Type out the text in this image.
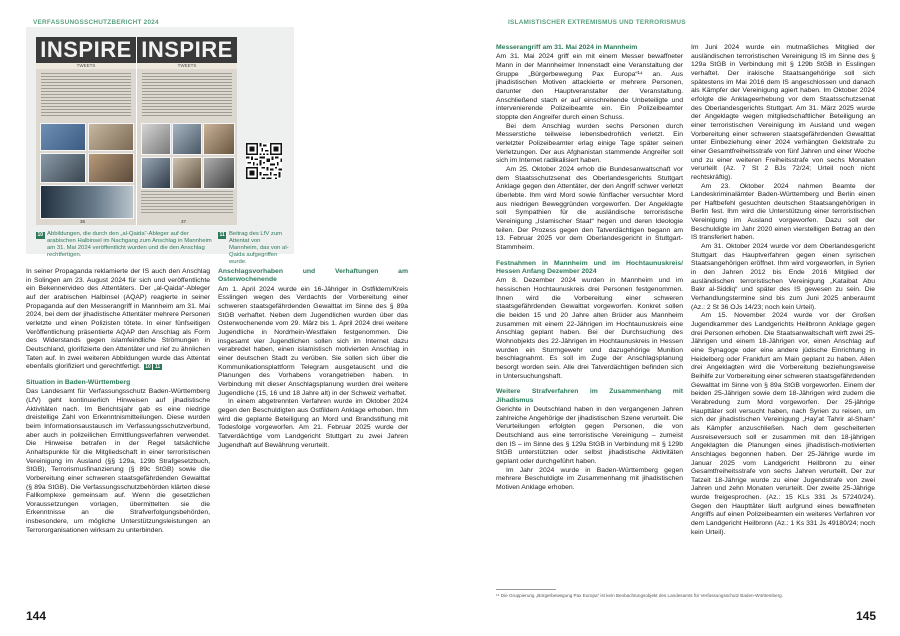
VERFASSUNGSSCHUTZBERICHT 2024
INSPIRE
TWEETS
36
INSPIRE
TWEETS
37
10 Abbildungen, die durch den „al-Qaida“-Ableger auf der arabischen Halbinsel im Nachgang zum Anschlag in Mannheim am 31. Mai 2024 veröffentlicht wurden und die den Anschlag rechtfertigen.
11 Beitrag des LfV zum Attentat von Mannheim, das von al-Qaida aufgegriffen wurde.

In seiner Propaganda reklamierte der IS auch den Anschlag in Solingen am 23. August 2024 für sich und veröffentlichte ein Bekennervideo des Attentäters. Der „al-Qaida“-Ableger auf der arabischen Halbinsel (AQAP) reagierte in seiner Propaganda auf den Messerangriff in Mannheim am 31. Mai 2024, bei dem der jihadistische Attentäter mehrere Personen verletzte und einen Polizisten tötete. In einer fünfseitigen Veröffentlichung präsentierte AQAP den Anschlag als Form des Widerstands gegen islamfeindliche Strömungen in Deutschland, glorifizierte den Attentäter und rief zu ähnlichen Taten auf. In zwei weiteren Abbildungen wurde das Attentat ebenfalls glorifiziert und gerechtfertigt. 10 11

Situation in Baden-Württemberg

Das Landesamt für Verfassungsschutz Baden-Württemberg (LfV) geht kontinuierlich Hinweisen auf jihadistische Aktivitäten nach. Im Berichtsjahr gab es eine niedrige dreistellige Zahl von Erkenntnismitteilungen. Diese wurden beim Informationsaustausch im Verfassungsschutzverbund, aber auch in polizeilichen Ermittlungsverfahren verwendet. Die Hinweise betrafen in der Regel tatsächliche Anhaltspunkte für die Mitgliedschaft in einer terroristischen Vereinigung im Ausland (§§ 129a, 129b Strafgesetzbuch, StGB), Terrorismusfinanzierung (§ 89c StGB) sowie die Vorbereitung einer schweren staatsgefährdenden Gewalttat (§ 89a StGB). Die Verfassungsschutzbehörden klärten diese Fallkomplexe gemeinsam auf. Wenn die gesetzlichen Voraussetzungen vorlagen, übermittelten sie die Erkenntnisse an die Strafverfolgungsbehörden, insbesondere, um mögliche Unterstützungsleistungen an Terrororganisationen wirksam zu unterbinden.

Anschlagsvorhaben und Verhaftungen am Osterwochenende

Am 1. April 2024 wurde ein 16-Jähriger in Ostfildern/Kreis Esslingen wegen des Verdachts der Vorbereitung einer schweren staatsgefährdenden Gewalttat im Sinne des § 89a StGB verhaftet. Neben dem Jugendlichen wurden über das Osterwochenende vom 29. März bis 1. April 2024 drei weitere Jugendliche in Nordrhein-Westfalen festgenommen. Die insgesamt vier Jugendlichen sollen sich im Internet dazu verabredet haben, einen islamistisch motivierten Anschlag in einer deutschen Stadt zu verüben. Sie sollen sich über die Kommunikationsplattform Telegram ausgetauscht und die Planungen des Vorhabens vorangetrieben haben. In Verbindung mit dieser Anschlagsplanung wurden drei weitere Jugendliche (15, 16 und 18 Jahre alt) in der Schweiz verhaftet.

In einem abgetrennten Verfahren wurde im Oktober 2024 gegen den Beschuldigten aus Ostfildern Anklage erhoben. Ihm wird die geplante Beteiligung an Mord und Brandstiftung mit Todesfolge vorgeworfen. Am 21. Februar 2025 wurde der Tatverdächtige vom Landgericht Stuttgart zu zwei Jahren Jugendhaft auf Bewährung verurteilt.

144
ISLAMISTISCHER EXTREMISMUS UND TERRORISMUS
Messerangriff am 31. Mai 2024 in Mannheim

Am 31. Mai 2024 griff ein mit einem Messer bewaffneter Mann in der Mannheimer Innenstadt eine Veranstaltung der Gruppe „Bürgerbewegung Pax Europa“¹⁴ an. Aus jihadistischen Motiven attackierte er mehrere Personen, darunter den Hauptveranstalter der Veranstaltung. Anschließend stach er auf einschreitende Unbeteiligte und intervenierende Polizeibeamte ein. Ein Polizeibeamter stoppte den Angreifer durch einen Schuss.

Bei dem Anschlag wurden sechs Personen durch Messerstiche teilweise lebensbedrohlich verletzt. Ein verletzter Polizeibeamter erlag einige Tage später seinen Verletzungen. Der aus Afghanistan stammende Angreifer soll sich im Internet radikalisiert haben.

Am 25. Oktober 2024 erhob die Bundesanwaltschaft vor dem Staatsschutzsenat des Oberlandesgerichts Stuttgart Anklage gegen den Attentäter, der den Angriff schwer verletzt überlebte. Ihm wird Mord sowie fünffacher versuchter Mord aus niedrigen Beweggründen vorgeworfen. Der Angeklagte soll Sympathien für die ausländische terroristische Vereinigung „Islamischer Staat“ hegen und deren Ideologie teilen. Der Prozess gegen den Tatverdächtigen begann am 13. Februar 2025 vor dem Oberlandesgericht in Stuttgart-Stammheim.

Festnahmen in Mannheim und im Hochtaunuskreis/ Hessen Anfang Dezember 2024

Am 8. Dezember 2024 wurden in Mannheim und im hessischen Hochtaunuskreis drei Personen festgenommen. Ihnen wird die Vorbereitung einer schweren staatsgefährdenden Gewalttat vorgeworfen. Konkret sollen die beiden 15 und 20 Jahre alten Brüder aus Mannheim zusammen mit einem 22-Jährigen im Hochtaunuskreis eine Anschlag geplant haben. Bei der Durchsuchung des Wohnobjekts des 22-Jährigen im Hochtaunuskreis in Hessen wurden ein Sturmgewehr und dazugehörige Munition beschlagnahmt. Es soll im Zuge der Anschlagsplanung besorgt worden sein. Alle drei Tatverdächtigen befinden sich in Untersuchungshaft.

Weitere Strafverfahren im Zusammenhang mit Jihadismus

Gerichte in Deutschland haben in den vergangenen Jahren zahlreiche Angehörige der jihadistischen Szene verurteilt. Die Verurteilungen erfolgten gegen Personen, die von Deutschland aus eine terroristische Vereinigung – zumeist den IS – im Sinne des § 129a StGB in Verbindung mit § 129b StGB unterstützten oder selbst jihadistische Aktivitäten geplant oder durchgeführt haben.

Im Jahr 2024 wurde in Baden-Württemberg gegen mehrere Beschuldigte im Zusammenhang mit jihadistischen Motiven Anklage erhoben.

Im Juni 2024 wurde ein mutmaßliches Mitglied der ausländischen terroristischen Vereinigung IS im Sinne des § 129a StGB in Verbindung mit § 129b StGB in Esslingen verhaftet. Der irakische Staatsangehörige soll sich spätestens im Mai 2016 dem IS angeschlossen und danach als Kämpfer der Vereinigung agiert haben. Im Oktober 2024 erfolgte die Anklageerhebung vor dem Staatsschutzsenat des Oberlandesgerichts Stuttgart. Am 31. März 2025 wurde der Angeklagte wegen mitgliedschaftlicher Beteiligung an einer terroristischen Vereinigung im Ausland und wegen Vorbereitung einer schweren staatsgefährdenden Gewalttat unter Einbeziehung einer 2024 verhängten Geldstrafe zu einer Gesamtfreiheitsstrafe von fünf Jahren und einer Woche und zu einer weiteren Freiheitsstrafe von sechs Monaten verurteilt (Az. 7 St 2 BJs 72/24; Urteil noch nicht rechtskräftig).

Am 23. Oktober 2024 nahmen Beamte der Landeskriminalämter Baden-Württemberg und Berlin einen per Haftbefehl gesuchten deutschen Staatsangehörigen in Berlin fest. Ihm wird die Unterstützung einer terroristischen Vereinigung im Ausland vorgeworfen. Dazu soll der Beschuldigte im Jahr 2020 einen vierstelligen Betrag an den IS transferiert haben.

Am 31. Oktober 2024 wurde vor dem Oberlandesgericht Stuttgart das Hauptverfahren gegen einen syrischen Staatsangehörigen eröffnet. Ihm wird vorgeworfen, in Syrien in den Jahren 2012 bis Ende 2016 Mitglied der ausländischen terroristischen Vereinigung „Kataibat Abu Bakr al-Siddiq“ und später des IS gewesen zu sein. Die Verhandlungstermine sind bis zum Juni 2025 anberaumt (Az.: 2 St 36 OJs 14/23; noch kein Urteil).

Am 15. November 2024 wurde vor der Großen Jugendkammer des Landgerichts Heilbronn Anklage gegen drei Personen erhoben. Die Staatsanwaltschaft wirft zwei 25-Jährigen und einem 18-Jährigen vor, einen Anschlag auf eine Synagoge oder eine andere jüdische Einrichtung in Heidelberg oder Frankfurt am Main geplant zu haben. Allen drei Angeklagten wird die Vorbereitung beziehungsweise Beihilfe zur Vorbereitung einer schweren staatsgefährdenden Gewalttat im Sinne von § 89a StGB vorgeworfen. Einem der beiden 25-Jährigen sowie dem 18-Jährigen wird zudem die Verabredung zum Mord vorgeworfen. Der 25-jährige Haupttäter soll versucht haben, nach Syrien zu reisen, um sich der jihadistischen Vereinigung „Hay’at Tahrir al-Sham“ als Kämpfer anzuschließen. Nach dem gescheiterten Ausreiseversuch soll er zusammen mit den 18-jährigen Angeklagten die Planungen eines jihadistisch-motivierten Anschlages begonnen haben. Der 25-Jährige wurde im Januar 2025 vom Landgericht Heilbronn zu einer Gesamtfreiheitsstrafe von sechs Jahren verurteilt. Der zur Tatzeit 18-Jährige wurde zu einer Jugendstrafe von zwei Jahren und zehn Monaten verurteilt. Der zweite 25-Jährige wurde freigesprochen. (Az.: 15 KLs 331 Js 57240/24). Gegen den Haupttäter läuft aufgrund eines bewaffneten Angriffs auf einen Polizeibeamten ein weiteres Verfahren vor dem Landgericht Heilbronn (Az.: 1 Ks 331 Js 49180/24; noch kein Urteil).

145
¹⁴ Die Gruppierung „Bürgerbewegung Pax Europa“ ist kein Beobachtungsobjekt des Landesamts für Verfassungsschutz Baden-Württemberg.
